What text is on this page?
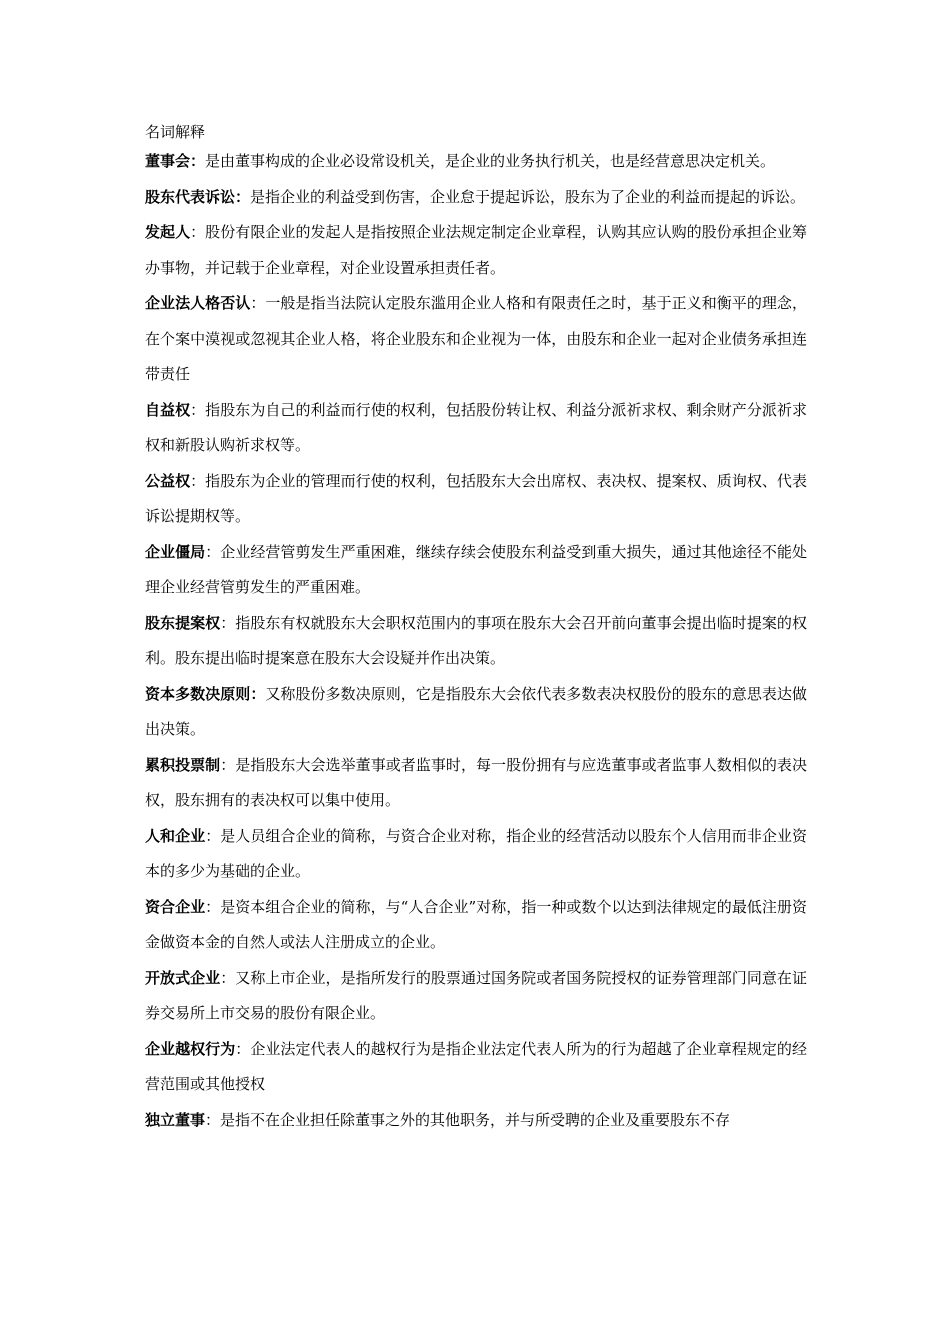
名词解释

董事会：是由董事构成的企业必设常设机关，是企业的业务执行机关，也是经营意思决定机关。

股东代表诉讼：是指企业的利益受到伤害，企业怠于提起诉讼，股东为了企业的利益而提起的诉讼。

发起人：股份有限企业的发起人是指按照企业法规定制定企业章程，认购其应认购的股份承担企业筹办事物，并记载于企业章程，对企业设置承担责任者。

企业法人格否认：一般是指当法院认定股东滥用企业人格和有限责任之时，基于正义和衡平的理念，在个案中漠视或忽视其企业人格，将企业股东和企业视为一体，由股东和企业一起对企业债务承担连带责任

自益权：指股东为自己的利益而行使的权利，包括股份转让权、利益分派祈求权、剩余财产分派祈求权和新股认购祈求权等。

公益权：指股东为企业的管理而行使的权利，包括股东大会出席权、表决权、提案权、质询权、代表诉讼提期权等。

企业僵局：企业经营管剪发生严重困难，继续存续会使股东利益受到重大损失，通过其他途径不能处理企业经营管剪发生的严重困难。

股东提案权：指股东有权就股东大会职权范围内的事项在股东大会召开前向董事会提出临时提案的权利。股东提出临时提案意在股东大会设疑并作出决策。

资本多数决原则：又称股份多数决原则，它是指股东大会依代表多数表决权股份的股东的意思表达做出决策。

累积投票制：是指股东大会选举董事或者监事时，每一股份拥有与应选董事或者监事人数相似的表决权，股东拥有的表决权可以集中使用。

人和企业：是人员组合企业的简称，与资合企业对称，指企业的经营活动以股东个人信用而非企业资本的多少为基础的企业。

资合企业：是资本组合企业的简称，与“人合企业”对称，指一种或数个以达到法律规定的最低注册资金做资本金的自然人或法人注册成立的企业。

开放式企业：又称上市企业，是指所发行的股票通过国务院或者国务院授权的证券管理部门同意在证券交易所上市交易的股份有限企业。

企业越权行为：企业法定代表人的越权行为是指企业法定代表人所为的行为超越了企业章程规定的经营范围或其他授权

独立董事：是指不在企业担任除董事之外的其他职务，并与所受聘的企业及重要股东不存
